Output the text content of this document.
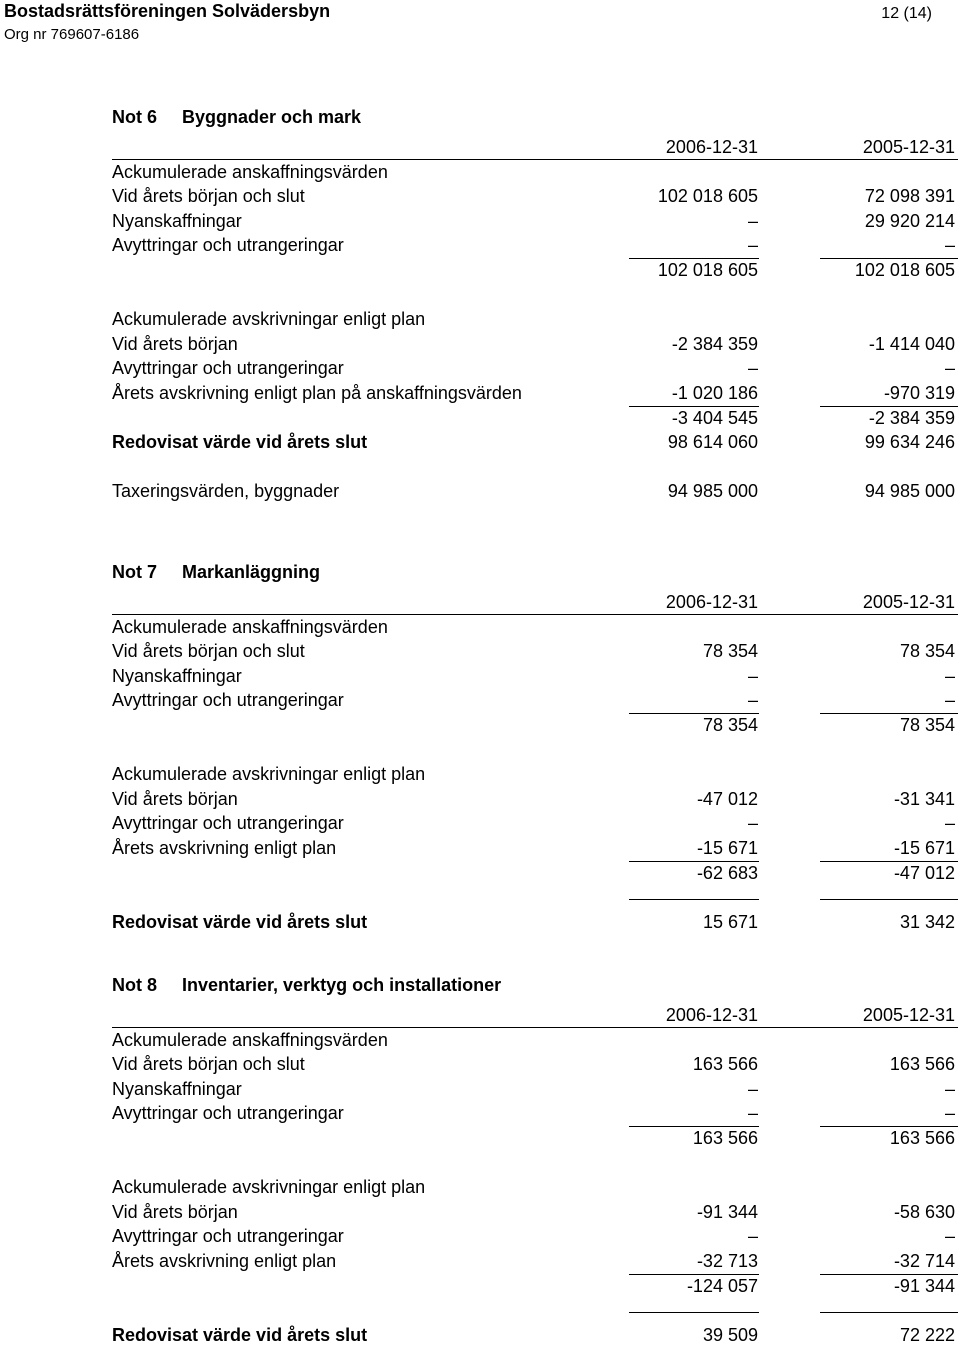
Bostadsrättsföreningen Solvädersbyn
Org nr 769607-6186
12 (14)
Not 6 Byggnader och mark
2006-12-31	2005-12-31
Ackumulerade anskaffningsvärden
Vid årets början och slut	102 018 605	72 098 391
Nyanskaffningar	–	29 920 214
Avyttringar och utrangeringar	–	–
102 018 605	102 018 605
Ackumulerade avskrivningar enligt plan
Vid årets början	-2 384 359	-1 414 040
Avyttringar och utrangeringar	–	–
Årets avskrivning enligt plan på anskaffningsvärden	-1 020 186	-970 319
-3 404 545	-2 384 359
Redovisat värde vid årets slut	98 614 060	99 634 246
Taxeringsvärden, byggnader	94 985 000	94 985 000
Not 7 Markanläggning
2006-12-31	2005-12-31
Ackumulerade anskaffningsvärden
Vid årets början och slut	78 354	78 354
Nyanskaffningar	–	–
Avyttringar och utrangeringar	–	–
78 354	78 354
Ackumulerade avskrivningar enligt plan
Vid årets början	-47 012	-31 341
Avyttringar och utrangeringar	–	–
Årets avskrivning enligt plan	-15 671	-15 671
-62 683	-47 012
Redovisat värde vid årets slut	15 671	31 342
Not 8 Inventarier, verktyg och installationer
2006-12-31	2005-12-31
Ackumulerade anskaffningsvärden
Vid årets början och slut	163 566	163 566
Nyanskaffningar	–	–
Avyttringar och utrangeringar	–	–
163 566	163 566
Ackumulerade avskrivningar enligt plan
Vid årets början	-91 344	-58 630
Avyttringar och utrangeringar	–	–
Årets avskrivning enligt plan	-32 713	-32 714
-124 057	-91 344
Redovisat värde vid årets slut	39 509	72 222
